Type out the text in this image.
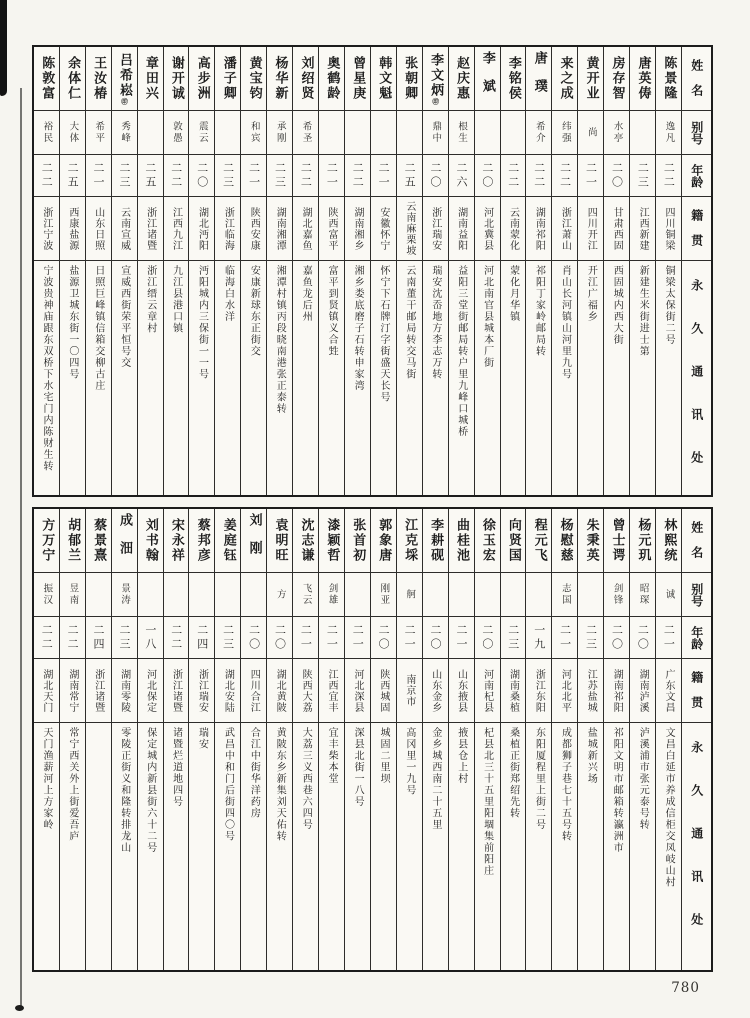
姓名
别号
年龄
籍贯
永久通讯处
陈景隆
逸凡
二二
四川铜梁
铜梁太保街二号
唐英俦
二三
江西新建
新建生米街进士第
房存智
水亭
二〇
甘肃西固
西固城内西大街
黄开业
尚
二一
四川开江
开江广福乡
来之成
纬强
二二
浙江萧山
肖山长河镇山河里九号
唐璞
希介
二二
湖南祁阳
祁阳丁家岭邮局转
李铭侯
二二
云南蒙化
蒙化月华镇
李斌
二〇
河北冀县
河北南官县城本厂街
赵庆惠
根生
二六
湖南益阳
益阳三堂街邮局转户里九峰口城桥
李文炳㊞
鼎中
二〇
浙江瑞安
瑞安沈岙地方李志万转
张朝卿
二五
云南麻栗坡
云南董干邮局转交马街
韩文魁
二一
安徽怀宁
怀宁下石牌汀字街盛天长号
曾星庚
二二
湖南湘乡
湘乡娄底磨子石转申家湾
奥鹤龄
二一
陕西富平
富平到贤镇义合甡
刘绍贤
希圣
二二
湖北嘉鱼
嘉鱼龙后州
杨华新
承刚
二三
湖南湘潭
湘潭村镇丙段晓南港张正泰转
黄宝钧
和宾
二一
陕西安康
安康新球东正街交
潘子卿
二三
浙江临海
临海白水洋
高步洲
震云
二〇
湖北沔阳
沔阳城内三保街一一号
谢开诚
敦愚
二二
江西九江
九江县港口镇
章田兴
二五
浙江诸暨
浙江缙云章村
吕希崧㊞
秀峰
二三
云南宣威
宣威西街荣平恒号交
王汝椿
希平
二一
山东日照
日照巨峰镇信箱交柳古庄
余体仁
大体
二五
西康盐源
盐源卫城东街一〇四号
陈敦富
裕民
二二
浙江宁波
宁波贵神庙跟东双桥下水宅门内陈财生转
姓名
别号
年龄
籍贯
永久通讯处
林熙统
诚
二一
广东文昌
文昌白延市养成信柜交凤岐山村
杨元玑
昭琛
二〇
湖南泸溪
泸溪浦市张元泰号转
曾士谔
剑锋
二〇
湖南祁阳
祁阳文明市邮箱转瀛洲市
朱秉英
二三
江苏盐城
盐城新兴场
杨慰慈
志国
二一
河北北平
成都狮子巷七十五号转
程元飞
一九
浙江东阳
东阳厦程里上街二号
向贤国
二三
湖南桑植
桑植正街郑绍先转
徐玉宏
二〇
河南杞县
杞县北三十五里阳堌集前阳庄
曲桂池
二一
山东掖县
掖县仓上村
李耕砚
二〇
山东金乡
金乡城西南二十五里
江克埰
舸
二一
南京市
高冈里一九号
郭象唐
刚亚
二〇
陕西城固
城固二里坝
张首初
二一
河北深县
深县北街一八号
漆颖哲
剑雄
二一
江西宜丰
宜丰柴本堂
沈志谦
飞云
二一
陕西大荔
大荔三义西巷六四号
袁明旺
方
二〇
湖北黄陂
黄陂东乡新集刘天佑转
刘刚
二〇
四川合江
合江中街华洋药房
姜庭钰
二三
湖北安陆
武昌中和门后街四〇号
蔡邦彦
二四
浙江瑞安
瑞安
宋永祥
二二
浙江诸暨
诸暨烂道地四号
刘书翰
一八
河北保定
保定城内新县街六十二号
成沺
景涛
二三
湖南零陵
零陵正街义和隆转排龙山
蔡景熹
二四
浙江诸暨
胡郁兰
昱南
二二
湖南常宁
常宁西关外上街爱吾庐
方万宁
振汉
二二
湖北天门
天门渔薪河上方家岭
780
